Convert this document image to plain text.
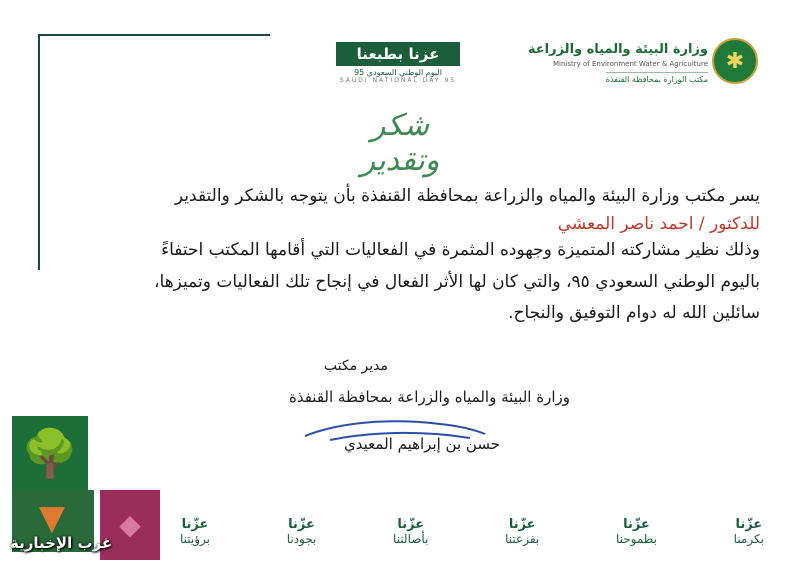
✱
وزارة البيئة والمياه والزراعة
Ministry of Environment Water & Agriculture
مكتب الوزارة بمحافظة القنفذة
عزنا بطبعنا
اليوم الوطني السعودي 95
SAUDI NATIONAL DAY 95
شكر وتقدير
يسر مكتب وزارة البيئة والمياه والزراعة بمحافظة القنفذة بأن يتوجه بالشكر والتقدير
للدكتور / احمد ناصر المعشي
وذلك نظير مشاركته المتميزة وجهوده المثمرة في الفعاليات التي أقامها المكتب احتفاءً
باليوم الوطني السعودي ٩٥، والتي كان لها الأثر الفعال في إنجاح تلك الفعاليات وتميزها،
سائلين الله له دوام التوفيق والنجاح.
مدير مكتب
وزارة البيئة والمياه والزراعة بمحافظة القنفذة
حسن بن إبراهيم المعيدي
🌳
▼	◆
غرب الإخبارية
عزّنا
بكرمنا
عزّنا
بطموحنا
عزّنا
بفزعتنا
عزّنا
بأصالتنا
عزّنا
بجودنا
عزّنا
برؤيتنا
